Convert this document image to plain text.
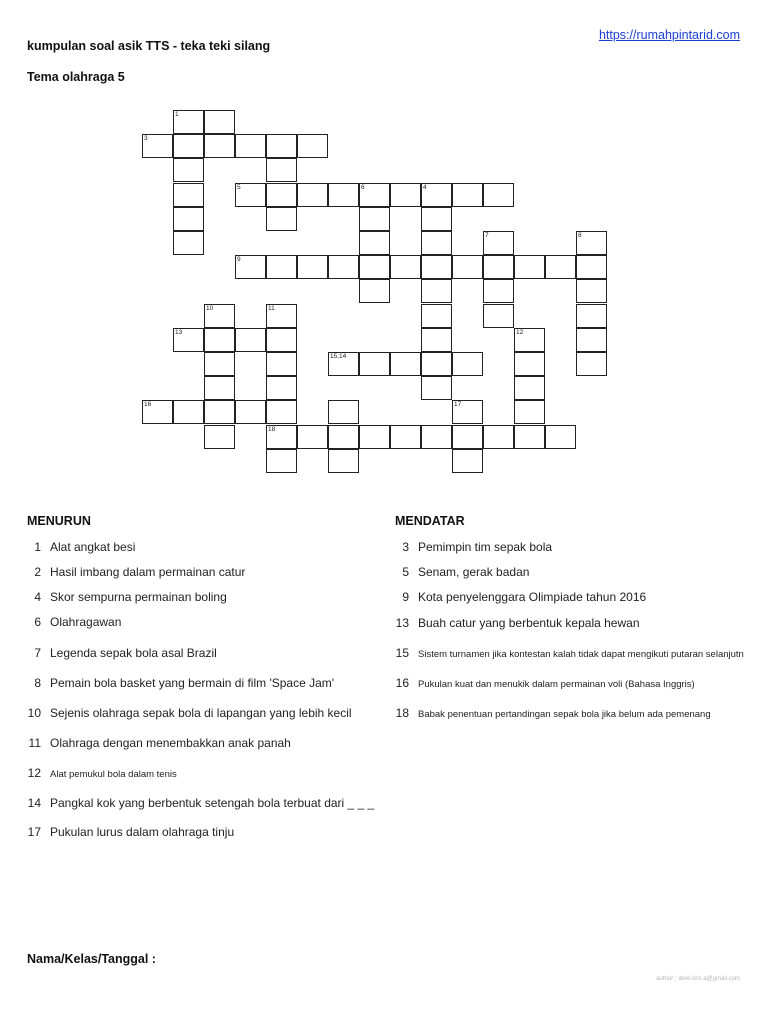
kumpulan soal asik TTS - teka teki silang
Tema olahraga 5
https://rumahpintarid.com
1
3
5	6	4
7	8
9
10	11
13	12
15,14
16	17
18
MENURUN	MENDATAR
1 Alat angkat besi
2 Hasil imbang dalam permainan catur
4 Skor sempurna permainan boling
6 Olahragawan
7 Legenda sepak bola asal Brazil
8 Pemain bola basket yang bermain di film 'Space Jam'
10 Sejenis olahraga sepak bola di lapangan yang lebih kecil
11 Olahraga dengan menembakkan anak panah
12 Alat pemukul bola dalam tenis
14 Pangkal kok yang berbentuk setengah bola terbuat dari _ _ _
17 Pukulan lurus dalam olahraga tinju
3 Pemimpin tim sepak bola
5 Senam, gerak badan
9 Kota penyelenggara Olimpiade tahun 2016
13 Buah catur yang berbentuk kepala hewan
15 Sistem turnamen jika kontestan kalah tidak dapat mengikuti putaran selanjutn
16 Pukulan kuat dan menukik dalam permainan voli (Bahasa Inggris)
18 Babak penentuan pertandingan sepak bola jika belum ada pemenang
Nama/Kelas/Tanggal :
author : dewi.kris.a@gmail.com
